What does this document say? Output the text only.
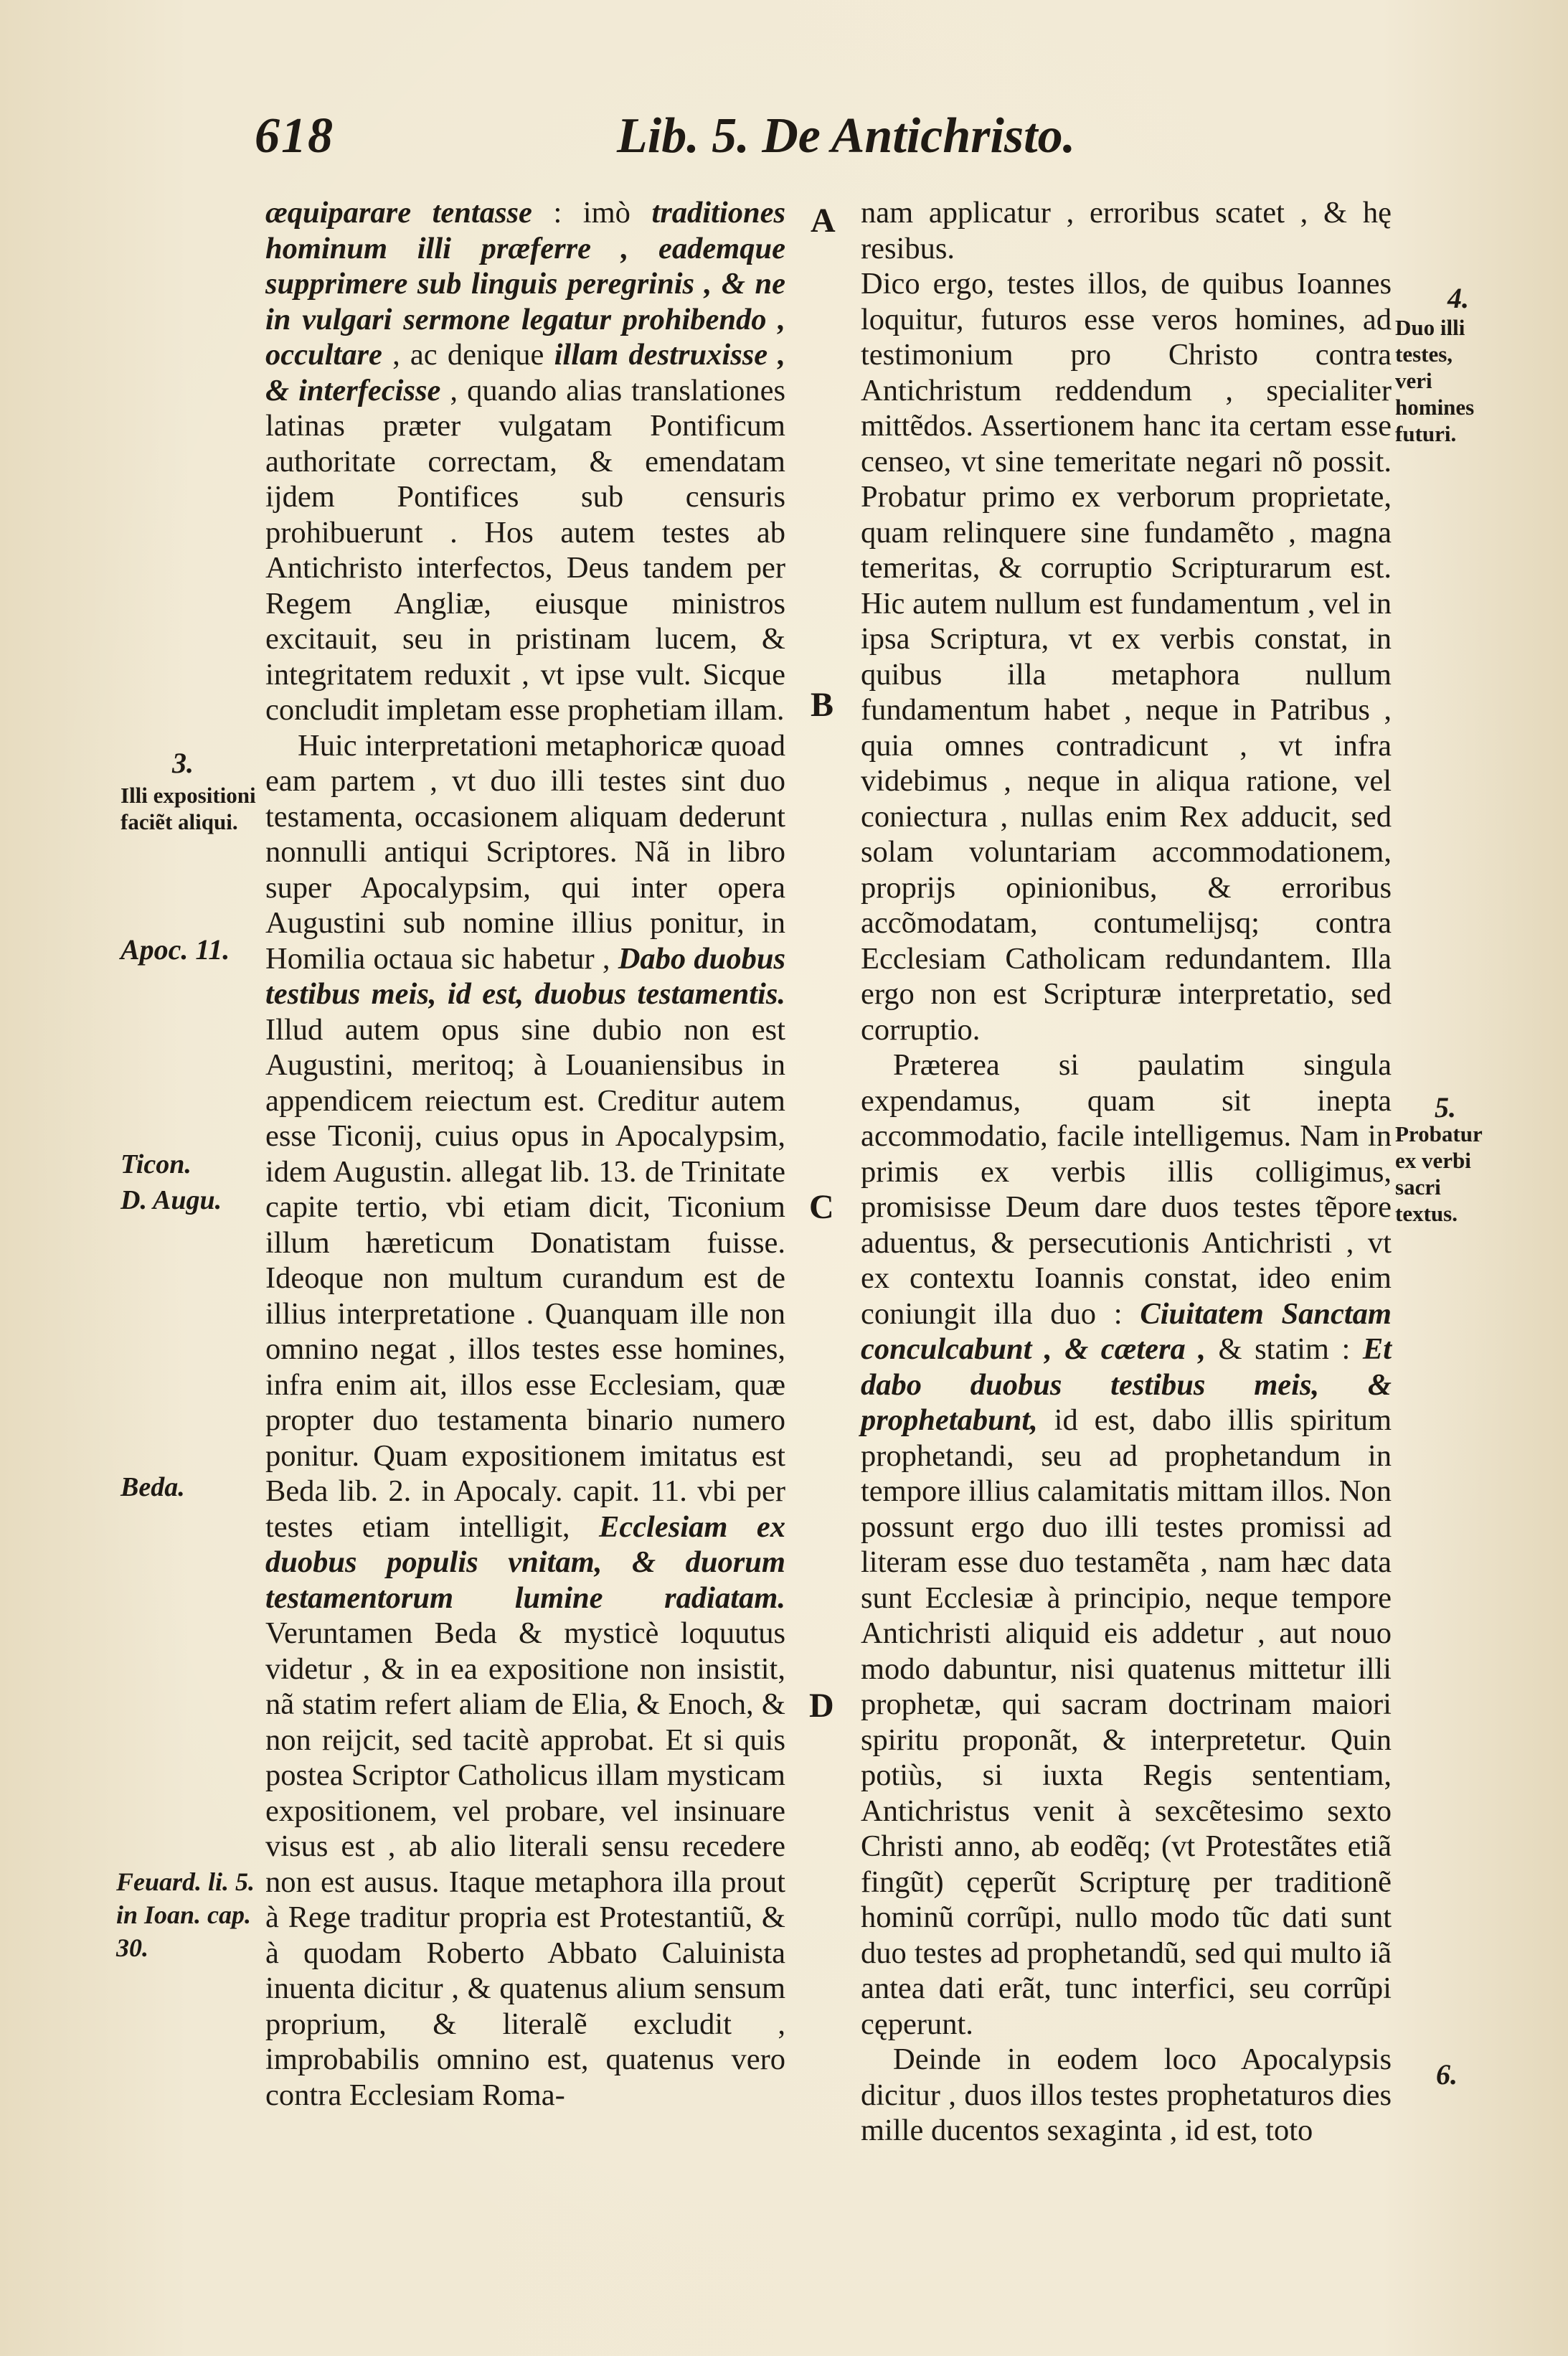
618	Lib. 5. De Antichristo.

æquiparare tentasse : imò traditiones hominum illi præferre , eademque supprimere sub linguis peregrinis , & ne in vulgari sermone legatur prohibendo , occultare , ac denique illam destruxisse , & interfecisse , quando alias translationes latinas præter vulgatam Pontificum authoritate correctam, & emendatam ijdem Pontifices sub censuris prohibuerunt . Hos autem testes ab Antichristo interfectos, Deus tandem per Regem Angliæ, eiusque ministros excitauit, seu in pristinam lucem, & integritatem reduxit , vt ipse vult. Sicque concludit impletam esse prophetiam illam.

Huic interpretationi metaphoricæ quoad eam partem , vt duo illi testes sint duo testamenta, occasionem aliquam dederunt nonnulli antiqui Scriptores. Nã in libro super Apocalypsim, qui inter opera Augustini sub nomine illius ponitur, in Homilia octaua sic habetur , Dabo duobus testibus meis, id est, duobus testamentis. Illud autem opus sine dubio non est Augustini, meritoq; à Louaniensibus in appendicem reiectum est. Creditur autem esse Ticonij, cuius opus in Apocalypsim, idem Augustin. allegat lib. 13. de Trinitate capite tertio, vbi etiam dicit, Ticonium illum hæreticum Donatistam fuisse. Ideoque non multum curandum est de illius interpretatione . Quanquam ille non omnino negat , illos testes esse homines, infra enim ait, illos esse Ecclesiam, quæ propter duo testamenta binario numero ponitur. Quam expositionem imitatus est Beda lib. 2. in Apocaly. capit. 11. vbi per testes etiam intelligit, Ecclesiam ex duobus populis vnitam, & duorum testamentorum lumine radiatam. Veruntamen Beda & mysticè loquutus videtur , & in ea expositione non insistit, nã statim refert aliam de Elia, & Enoch, & non reijcit, sed tacitè approbat. Et si quis postea Scriptor Catholicus illam mysticam expositionem, vel probare, vel insinuare visus est , ab alio literali sensu recedere non est ausus. Itaque metaphora illa prout à Rege traditur propria est Protestantiũ, & à quodam Roberto Abbato Caluinista inuenta dicitur , & quatenus alium sensum proprium, & literalẽ excludit , improbabilis omnino est, quatenus vero contra Ecclesiam Roma-

nam applicatur , erroribus scatet , & hę resibus.

Dico ergo, testes illos, de quibus Ioannes loquitur, futuros esse veros homines, ad testimonium pro Christo contra Antichristum reddendum , specialiter mittẽdos. Assertionem hanc ita certam esse censeo, vt sine temeritate negari nõ possit. Probatur primo ex verborum proprietate, quam relinquere sine fundamẽto , magna temeritas, & corruptio Scripturarum est. Hic autem nullum est fundamentum , vel in ipsa Scriptura, vt ex verbis constat, in quibus illa metaphora nullum fundamentum habet , neque in Patribus , quia omnes contradicunt , vt infra videbimus , neque in aliqua ratione, vel coniectura , nullas enim Rex adducit, sed solam voluntariam accommodationem, proprijs opinionibus, & erroribus accõmodatam, contumelijsq; contra Ecclesiam Catholicam redundantem. Illa ergo non est Scripturæ interpretatio, sed corruptio.

Præterea si paulatim singula expendamus, quam sit inepta accommodatio, facile intelligemus. Nam in primis ex verbis illis colligimus, promisisse Deum dare duos testes tẽpore aduentus, & persecutionis Antichristi , vt ex contextu Ioannis constat, ideo enim coniungit illa duo : Ciuitatem Sanctam conculcabunt , & cætera , & statim : Et dabo duobus testibus meis, & prophetabunt, id est, dabo illis spiritum prophetandi, seu ad prophetandum in tempore illius calamitatis mittam illos. Non possunt ergo duo illi testes promissi ad literam esse duo testamẽta , nam hæc data sunt Ecclesiæ à principio, neque tempore Antichristi aliquid eis addetur , aut nouo modo dabuntur, nisi quatenus mittetur illi prophetæ, qui sacram doctrinam maiori spiritu proponãt, & interpretetur. Quin potiùs, si iuxta Regis sententiam, Antichristus venit à sexcẽtesimo sexto Christi anno, ab eodẽq; (vt Protestãtes etiã fingũt) cęperũt Scripturę per traditionẽ hominũ corrũpi, nullo modo tũc dati sunt duo testes ad prophetandũ, sed qui multo iã antea dati erãt, tunc interfici, seu corrũpi cęperunt.

Deinde in eodem loco Apocalypsis dicitur , duos illos testes prophetaturos dies mille ducentos sexaginta , id est, toto

3.
Illi expositioni faciẽt aliqui.
Apoc. 11.
Ticon.
D. Augu.
Beda.
Feuard. li. 5. in Ioan. cap. 30.
4.
Duo illi testes, veri homines futuri.
5.
Probatur ex verbi sacri textus.
6.
A
B
C
D
